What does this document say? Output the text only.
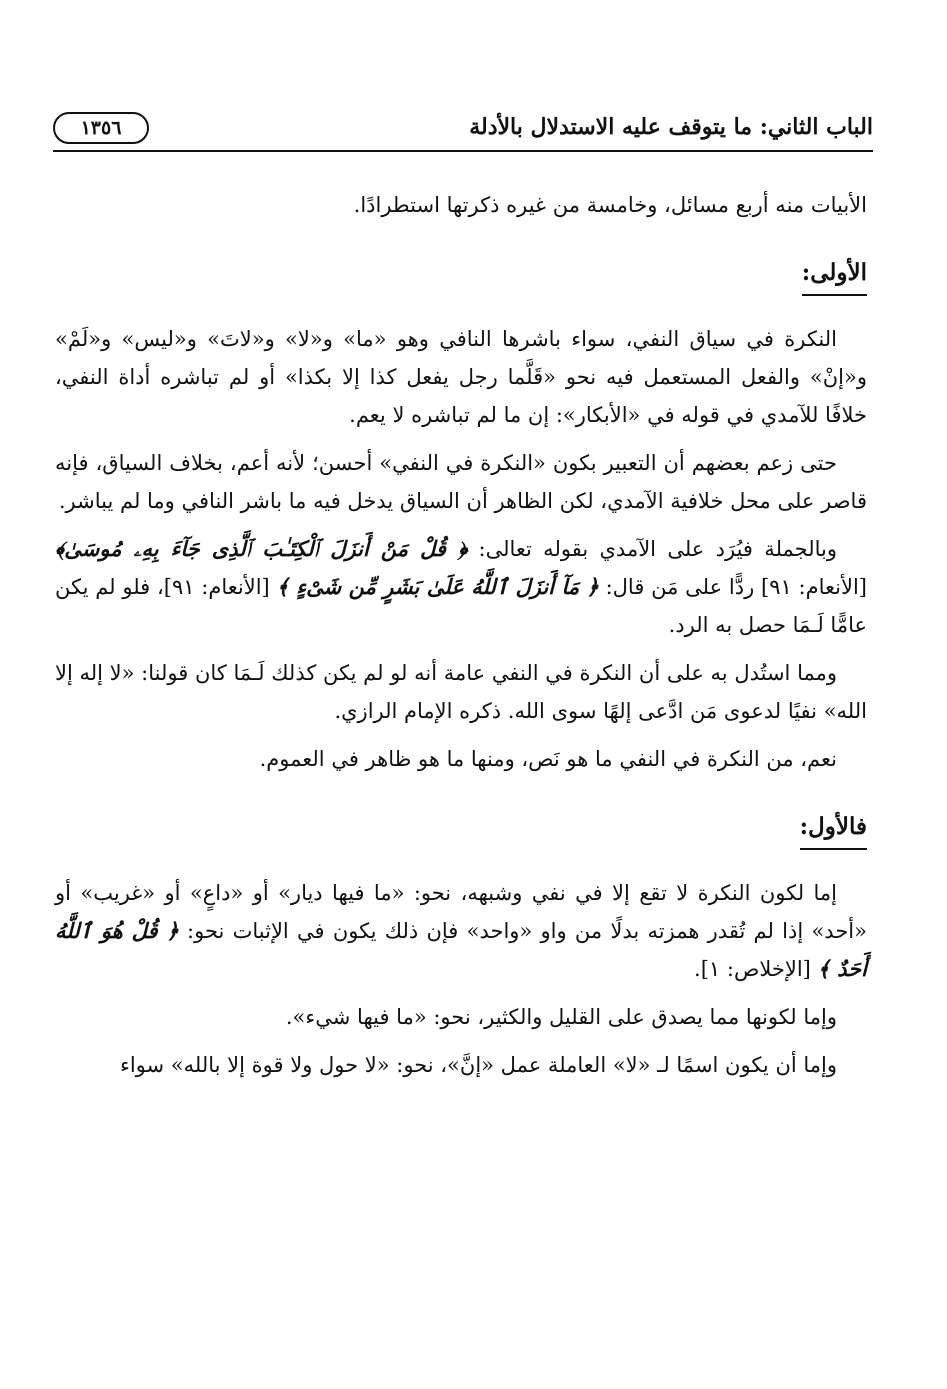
١٣٥٦	الباب الثاني: ما يتوقف عليه الاستدلال بالأدلة

الأبيات منه أربع مسائل، وخامسة من غيره ذكرتها استطرادًا.

الأولى:

النكرة في سياق النفي، سواء باشرها النافي وهو «ما» و«لا» و«لاتَ» و«ليس» و«لَمْ» و«إنْ» والفعل المستعمل فيه نحو «قَلَّما رجل يفعل كذا إلا بكذا» أو لم تباشره أداة النفي، خلافًا للآمدي في قوله في «الأبكار»: إن ما لم تباشره لا يعم.

حتى زعم بعضهم أن التعبير بكون «النكرة في النفي» أحسن؛ لأنه أعم، بخلاف السياق، فإنه قاصر على محل خلافية الآمدي، لكن الظاهر أن السياق يدخل فيه ما باشر النافي وما لم يباشر.

وبالجملة فيُرَد على الآمدي بقوله تعالى: ﴿ قُلْ مَنْ أَنزَلَ ٱلْكِتَـٰبَ ٱلَّذِى جَآءَ بِهِۦ مُوسَىٰ﴾ [الأنعام: ٩١] ردًّا على مَن قال: ﴿ مَآ أَنزَلَ ٱللَّهُ عَلَىٰ بَشَرٍ مِّن شَىْءٍ ﴾ [الأنعام: ٩١]، فلو لم يكن عامًّا لَـمَا حصل به الرد.

ومما استُدل به على أن النكرة في النفي عامة أنه لو لم يكن كذلك لَـمَا كان قولنا: «لا إله إلا الله» نفيًا لدعوى مَن ادَّعى إلهًا سوى الله. ذكره الإمام الرازي.

نعم، من النكرة في النفي ما هو نَص، ومنها ما هو ظاهر في العموم.

فالأول:

إما لكون النكرة لا تقع إلا في نفي وشبهه، نحو: «ما فيها ديار» أو «داعٍ» أو «غريب» أو «أحد» إذا لم تُقدر همزته بدلًا من واو «واحد» فإن ذلك يكون في الإثبات نحو: ﴿ قُلْ هُوَ ٱللَّهُ أَحَدٌ ﴾ [الإخلاص: ١].

وإما لكونها مما يصدق على القليل والكثير، نحو: «ما فيها شيء».

وإما أن يكون اسمًا لـ «لا» العاملة عمل «إنَّ»، نحو: «لا حول ولا قوة إلا بالله» سواء
